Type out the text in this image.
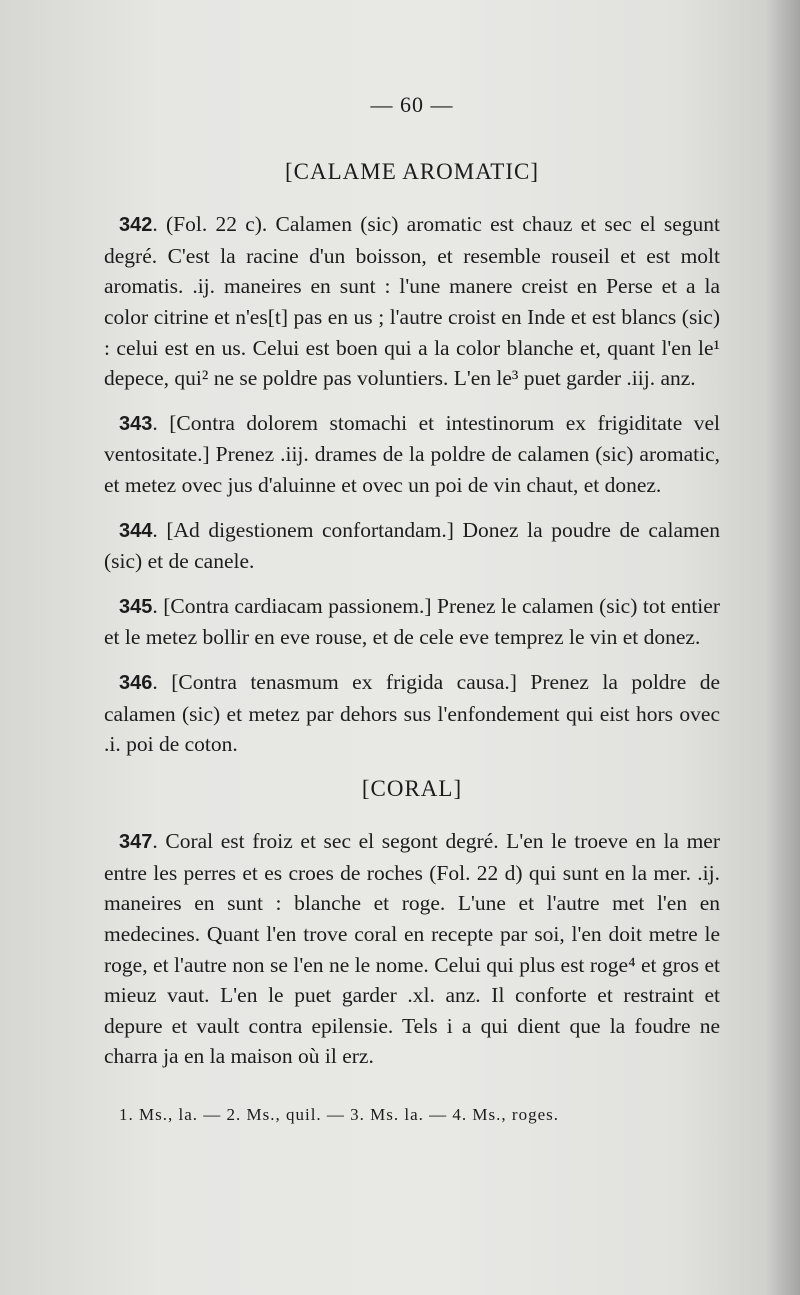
— 60 —
[CALAME AROMATIC]

342. (Fol. 22 c). Calamen (sic) aromatic est chauz et sec el segunt degré. C'est la racine d'un boisson, et resemble rouseil et est molt aromatis. .ij. maneires en sunt : l'une manere creist en Perse et a la color citrine et n'es[t] pas en us ; l'autre croist en Inde et est blancs (sic) : celui est en us. Celui est boen qui a la color blanche et, quant l'en le¹ depece, qui² ne se poldre pas voluntiers. L'en le³ puet garder .iij. anz.

343. [Contra dolorem stomachi et intestinorum ex frigiditate vel ventositate.] Prenez .iij. drames de la poldre de calamen (sic) aromatic, et metez ovec jus d'aluinne et ovec un poi de vin chaut, et donez.

344. [Ad digestionem confortandam.] Donez la poudre de calamen (sic) et de canele.

345. [Contra cardiacam passionem.] Prenez le calamen (sic) tot entier et le metez bollir en eve rouse, et de cele eve temprez le vin et donez.

346. [Contra tenasmum ex frigida causa.] Prenez la poldre de calamen (sic) et metez par dehors sus l'enfondement qui eist hors ovec .i. poi de coton.

[CORAL]

347. Coral est froiz et sec el segont degré. L'en le troeve en la mer entre les perres et es croes de roches (Fol. 22 d) qui sunt en la mer. .ij. maneires en sunt : blanche et roge. L'une et l'autre met l'en en medecines. Quant l'en trove coral en recepte par soi, l'en doit metre le roge, et l'autre non se l'en ne le nome. Celui qui plus est roge⁴ et gros et mieuz vaut. L'en le puet garder .xl. anz. Il conforte et restraint et depure et vault contra epilensie. Tels i a qui dient que la foudre ne charra ja en la maison où il erz.

1. Ms., la. — 2. Ms., quil. — 3. Ms. la. — 4. Ms., roges.
